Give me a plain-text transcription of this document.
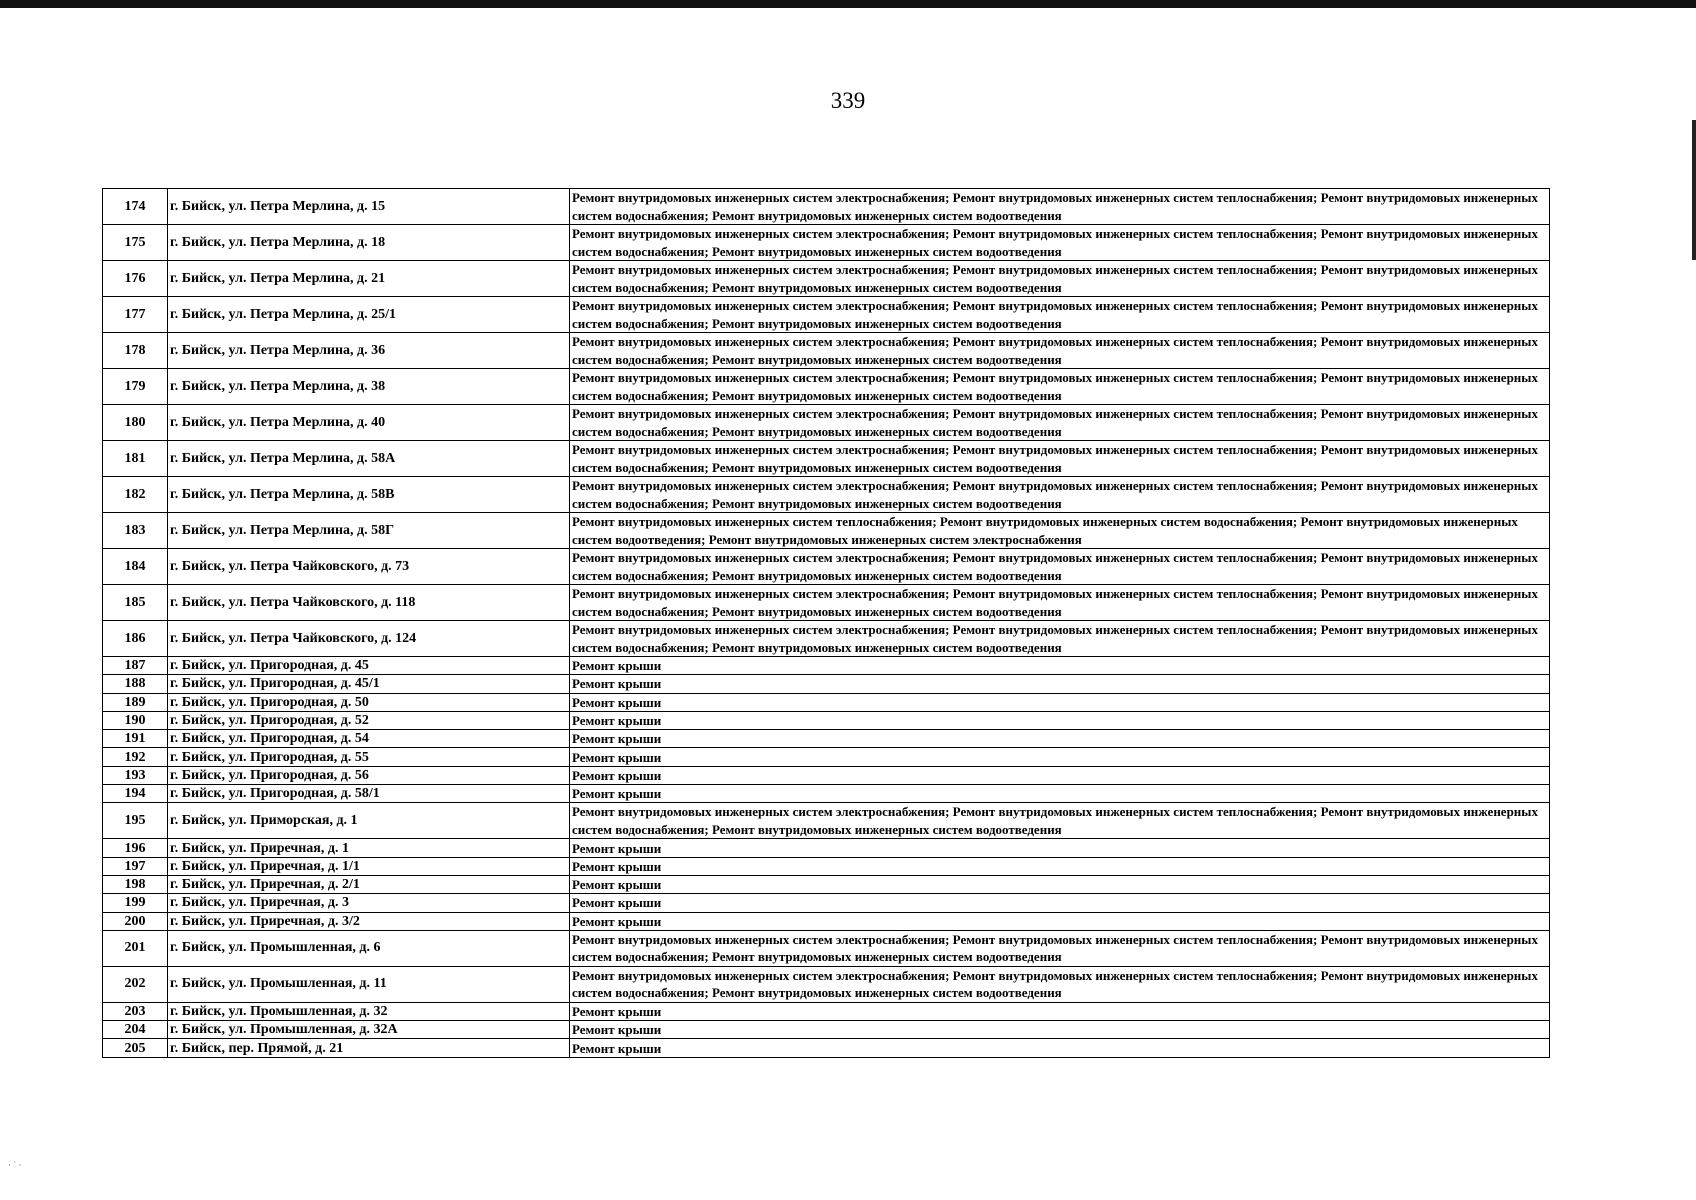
339
174	г. Бийск, ул. Петра Мерлина, д. 15	Ремонт внутридомовых инженерных систем электроснабжения; Ремонт внутридомовых инженерных систем теплоснабжения; Ремонт внутридомовых инженерных систем водоснабжения; Ремонт внутридомовых инженерных систем водоотведения
175	г. Бийск, ул. Петра Мерлина, д. 18	Ремонт внутридомовых инженерных систем электроснабжения; Ремонт внутридомовых инженерных систем теплоснабжения; Ремонт внутридомовых инженерных систем водоснабжения; Ремонт внутридомовых инженерных систем водоотведения
176	г. Бийск, ул. Петра Мерлина, д. 21	Ремонт внутридомовых инженерных систем электроснабжения; Ремонт внутридомовых инженерных систем теплоснабжения; Ремонт внутридомовых инженерных систем водоснабжения; Ремонт внутридомовых инженерных систем водоотведения
177	г. Бийск, ул. Петра Мерлина, д. 25/1	Ремонт внутридомовых инженерных систем электроснабжения; Ремонт внутридомовых инженерных систем теплоснабжения; Ремонт внутридомовых инженерных систем водоснабжения; Ремонт внутридомовых инженерных систем водоотведения
178	г. Бийск, ул. Петра Мерлина, д. 36	Ремонт внутридомовых инженерных систем электроснабжения; Ремонт внутридомовых инженерных систем теплоснабжения; Ремонт внутридомовых инженерных систем водоснабжения; Ремонт внутридомовых инженерных систем водоотведения
179	г. Бийск, ул. Петра Мерлина, д. 38	Ремонт внутридомовых инженерных систем электроснабжения; Ремонт внутридомовых инженерных систем теплоснабжения; Ремонт внутридомовых инженерных систем водоснабжения; Ремонт внутридомовых инженерных систем водоотведения
180	г. Бийск, ул. Петра Мерлина, д. 40	Ремонт внутридомовых инженерных систем электроснабжения; Ремонт внутридомовых инженерных систем теплоснабжения; Ремонт внутридомовых инженерных систем водоснабжения; Ремонт внутридомовых инженерных систем водоотведения
181	г. Бийск, ул. Петра Мерлина, д. 58А	Ремонт внутридомовых инженерных систем электроснабжения; Ремонт внутридомовых инженерных систем теплоснабжения; Ремонт внутридомовых инженерных систем водоснабжения; Ремонт внутридомовых инженерных систем водоотведения
182	г. Бийск, ул. Петра Мерлина, д. 58В	Ремонт внутридомовых инженерных систем электроснабжения; Ремонт внутридомовых инженерных систем теплоснабжения; Ремонт внутридомовых инженерных систем водоснабжения; Ремонт внутридомовых инженерных систем водоотведения
183	г. Бийск, ул. Петра Мерлина, д. 58Г	Ремонт внутридомовых инженерных систем теплоснабжения; Ремонт внутридомовых инженерных систем водоснабжения; Ремонт внутридомовых инженерных систем водоотведения; Ремонт внутридомовых инженерных систем электроснабжения
184	г. Бийск, ул. Петра Чайковского, д. 73	Ремонт внутридомовых инженерных систем электроснабжения; Ремонт внутридомовых инженерных систем теплоснабжения; Ремонт внутридомовых инженерных систем водоснабжения; Ремонт внутридомовых инженерных систем водоотведения
185	г. Бийск, ул. Петра Чайковского, д. 118	Ремонт внутридомовых инженерных систем электроснабжения; Ремонт внутридомовых инженерных систем теплоснабжения; Ремонт внутридомовых инженерных систем водоснабжения; Ремонт внутридомовых инженерных систем водоотведения
186	г. Бийск, ул. Петра Чайковского, д. 124	Ремонт внутридомовых инженерных систем электроснабжения; Ремонт внутридомовых инженерных систем теплоснабжения; Ремонт внутридомовых инженерных систем водоснабжения; Ремонт внутридомовых инженерных систем водоотведения
187	г. Бийск, ул. Пригородная, д. 45	Ремонт крыши
188	г. Бийск, ул. Пригородная, д. 45/1	Ремонт крыши
189	г. Бийск, ул. Пригородная, д. 50	Ремонт крыши
190	г. Бийск, ул. Пригородная, д. 52	Ремонт крыши
191	г. Бийск, ул. Пригородная, д. 54	Ремонт крыши
192	г. Бийск, ул. Пригородная, д. 55	Ремонт крыши
193	г. Бийск, ул. Пригородная, д. 56	Ремонт крыши
194	г. Бийск, ул. Пригородная, д. 58/1	Ремонт крыши
195	г. Бийск, ул. Приморская, д. 1	Ремонт внутридомовых инженерных систем электроснабжения; Ремонт внутридомовых инженерных систем теплоснабжения; Ремонт внутридомовых инженерных систем водоснабжения; Ремонт внутридомовых инженерных систем водоотведения
196	г. Бийск, ул. Приречная, д. 1	Ремонт крыши
197	г. Бийск, ул. Приречная, д. 1/1	Ремонт крыши
198	г. Бийск, ул. Приречная, д. 2/1	Ремонт крыши
199	г. Бийск, ул. Приречная, д. 3	Ремонт крыши
200	г. Бийск, ул. Приречная, д. 3/2	Ремонт крыши
201	г. Бийск, ул. Промышленная, д. 6	Ремонт внутридомовых инженерных систем электроснабжения; Ремонт внутридомовых инженерных систем теплоснабжения; Ремонт внутридомовых инженерных систем водоснабжения; Ремонт внутридомовых инженерных систем водоотведения
202	г. Бийск, ул. Промышленная, д. 11	Ремонт внутридомовых инженерных систем электроснабжения; Ремонт внутридомовых инженерных систем теплоснабжения; Ремонт внутридомовых инженерных систем водоснабжения; Ремонт внутридомовых инженерных систем водоотведения
203	г. Бийск, ул. Промышленная, д. 32	Ремонт крыши
204	г. Бийск, ул. Промышленная, д. 32А	Ремонт крыши
205	г. Бийск, пер. Прямой, д. 21	Ремонт крыши
· ˙ ·
